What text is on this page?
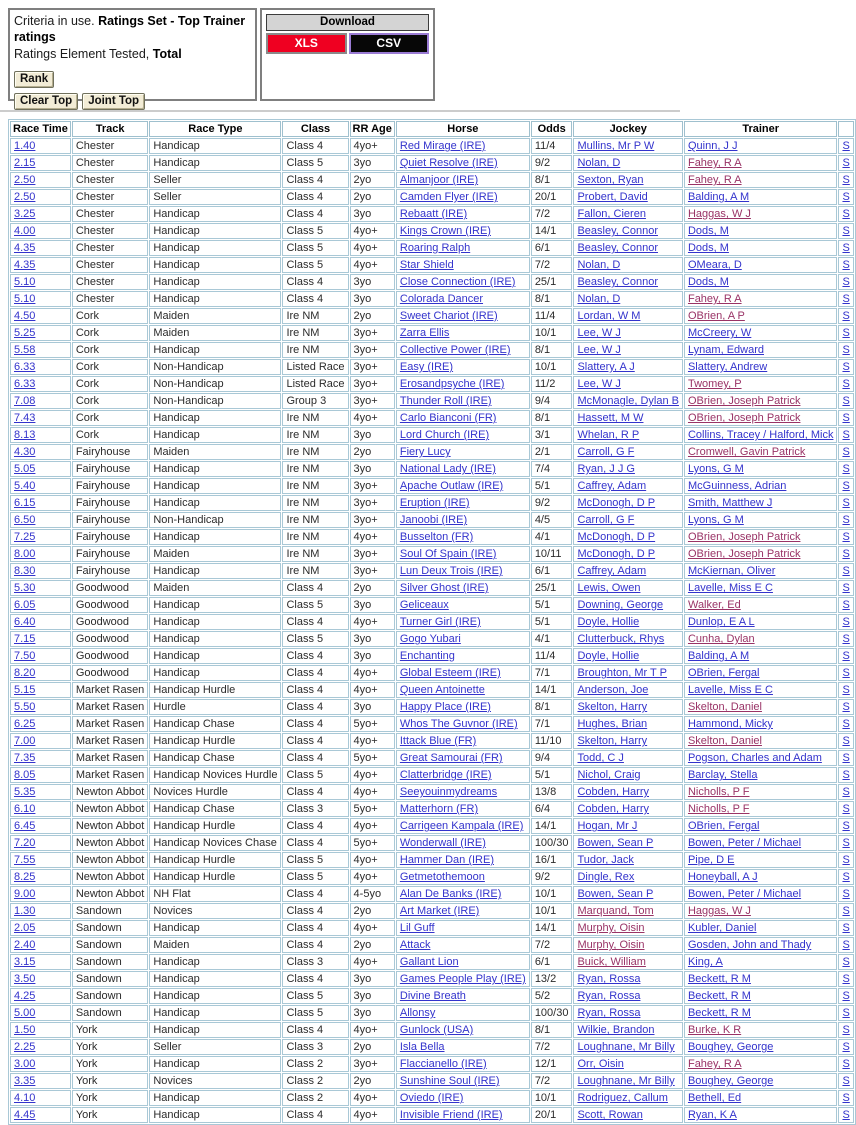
Criteria in use. Ratings Set - Top Trainer ratings
Ratings Element Tested, Total
Rank
Clear Top Joint Top
Download
XLS	CSV
Race Time	Track	Race Type	Class	RR Age	Horse	Odds	Jockey	Trainer	
1.40	Chester	Handicap	Class 4	4yo+	Red Mirage (IRE)	11/4	Mullins, Mr P W	Quinn, J J	S
2.15	Chester	Handicap	Class 5	3yo	Quiet Resolve (IRE)	9/2	Nolan, D	Fahey, R A	S
2.50	Chester	Seller	Class 4	2yo	Almanjoor (IRE)	8/1	Sexton, Ryan	Fahey, R A	S
2.50	Chester	Seller	Class 4	2yo	Camden Flyer (IRE)	20/1	Probert, David	Balding, A M	S
3.25	Chester	Handicap	Class 4	3yo	Rebaatt (IRE)	7/2	Fallon, Cieren	Haggas, W J	S
4.00	Chester	Handicap	Class 5	4yo+	Kings Crown (IRE)	14/1	Beasley, Connor	Dods, M	S
4.35	Chester	Handicap	Class 5	4yo+	Roaring Ralph	6/1	Beasley, Connor	Dods, M	S
4.35	Chester	Handicap	Class 5	4yo+	Star Shield	7/2	Nolan, D	OMeara, D	S
5.10	Chester	Handicap	Class 4	3yo	Close Connection (IRE)	25/1	Beasley, Connor	Dods, M	S
5.10	Chester	Handicap	Class 4	3yo	Colorada Dancer	8/1	Nolan, D	Fahey, R A	S
4.50	Cork	Maiden	Ire NM	2yo	Sweet Chariot (IRE)	11/4	Lordan, W M	OBrien, A P	S
5.25	Cork	Maiden	Ire NM	3yo+	Zarra Ellis	10/1	Lee, W J	McCreery, W	S
5.58	Cork	Handicap	Ire NM	3yo+	Collective Power (IRE)	8/1	Lee, W J	Lynam, Edward	S
6.33	Cork	Non-Handicap	Listed Race	3yo+	Easy (IRE)	10/1	Slattery, A J	Slattery, Andrew	S
6.33	Cork	Non-Handicap	Listed Race	3yo+	Erosandpsyche (IRE)	11/2	Lee, W J	Twomey, P	S
7.08	Cork	Non-Handicap	Group 3	3yo+	Thunder Roll (IRE)	9/4	McMonagle, Dylan B	OBrien, Joseph Patrick	S
7.43	Cork	Handicap	Ire NM	4yo+	Carlo Bianconi (FR)	8/1	Hassett, M W	OBrien, Joseph Patrick	S
8.13	Cork	Handicap	Ire NM	3yo	Lord Church (IRE)	3/1	Whelan, R P	Collins, Tracey / Halford, Mick	S
4.30	Fairyhouse	Maiden	Ire NM	2yo	Fiery Lucy	2/1	Carroll, G F	Cromwell, Gavin Patrick	S
5.05	Fairyhouse	Handicap	Ire NM	3yo	National Lady (IRE)	7/4	Ryan, J J G	Lyons, G M	S
5.40	Fairyhouse	Handicap	Ire NM	3yo+	Apache Outlaw (IRE)	5/1	Caffrey, Adam	McGuinness, Adrian	S
6.15	Fairyhouse	Handicap	Ire NM	3yo+	Eruption (IRE)	9/2	McDonogh, D P	Smith, Matthew J	S
6.50	Fairyhouse	Non-Handicap	Ire NM	3yo+	Janoobi (IRE)	4/5	Carroll, G F	Lyons, G M	S
7.25	Fairyhouse	Handicap	Ire NM	4yo+	Busselton (FR)	4/1	McDonogh, D P	OBrien, Joseph Patrick	S
8.00	Fairyhouse	Maiden	Ire NM	3yo+	Soul Of Spain (IRE)	10/11	McDonogh, D P	OBrien, Joseph Patrick	S
8.30	Fairyhouse	Handicap	Ire NM	3yo+	Lun Deux Trois (IRE)	6/1	Caffrey, Adam	McKiernan, Oliver	S
5.30	Goodwood	Maiden	Class 4	2yo	Silver Ghost (IRE)	25/1	Lewis, Owen	Lavelle, Miss E C	S
6.05	Goodwood	Handicap	Class 5	3yo	Geliceaux	5/1	Downing, George	Walker, Ed	S
6.40	Goodwood	Handicap	Class 4	4yo+	Turner Girl (IRE)	5/1	Doyle, Hollie	Dunlop, E A L	S
7.15	Goodwood	Handicap	Class 5	3yo	Gogo Yubari	4/1	Clutterbuck, Rhys	Cunha, Dylan	S
7.50	Goodwood	Handicap	Class 4	3yo	Enchanting	11/4	Doyle, Hollie	Balding, A M	S
8.20	Goodwood	Handicap	Class 4	4yo+	Global Esteem (IRE)	7/1	Broughton, Mr T P	OBrien, Fergal	S
5.15	Market Rasen	Handicap Hurdle	Class 4	4yo+	Queen Antoinette	14/1	Anderson, Joe	Lavelle, Miss E C	S
5.50	Market Rasen	Hurdle	Class 4	3yo	Happy Place (IRE)	8/1	Skelton, Harry	Skelton, Daniel	S
6.25	Market Rasen	Handicap Chase	Class 4	5yo+	Whos The Guvnor (IRE)	7/1	Hughes, Brian	Hammond, Micky	S
7.00	Market Rasen	Handicap Hurdle	Class 4	4yo+	Ittack Blue (FR)	11/10	Skelton, Harry	Skelton, Daniel	S
7.35	Market Rasen	Handicap Chase	Class 4	5yo+	Great Samourai (FR)	9/4	Todd, C J	Pogson, Charles and Adam	S
8.05	Market Rasen	Handicap Novices Hurdle	Class 5	4yo+	Clatterbridge (IRE)	5/1	Nichol, Craig	Barclay, Stella	S
5.35	Newton Abbot	Novices Hurdle	Class 4	4yo+	Seeyouinmydreams	13/8	Cobden, Harry	Nicholls, P F	S
6.10	Newton Abbot	Handicap Chase	Class 3	5yo+	Matterhorn (FR)	6/4	Cobden, Harry	Nicholls, P F	S
6.45	Newton Abbot	Handicap Hurdle	Class 4	4yo+	Carrigeen Kampala (IRE)	14/1	Hogan, Mr J	OBrien, Fergal	S
7.20	Newton Abbot	Handicap Novices Chase	Class 4	5yo+	Wonderwall (IRE)	100/30	Bowen, Sean P	Bowen, Peter / Michael	S
7.55	Newton Abbot	Handicap Hurdle	Class 5	4yo+	Hammer Dan (IRE)	16/1	Tudor, Jack	Pipe, D E	S
8.25	Newton Abbot	Handicap Hurdle	Class 5	4yo+	Getmetothemoon	9/2	Dingle, Rex	Honeyball, A J	S
9.00	Newton Abbot	NH Flat	Class 4	4-5yo	Alan De Banks (IRE)	10/1	Bowen, Sean P	Bowen, Peter / Michael	S
1.30	Sandown	Novices	Class 4	2yo	Art Market (IRE)	10/1	Marquand, Tom	Haggas, W J	S
2.05	Sandown	Handicap	Class 4	4yo+	Lil Guff	14/1	Murphy, Oisin	Kubler, Daniel	S
2.40	Sandown	Maiden	Class 4	2yo	Attack	7/2	Murphy, Oisin	Gosden, John and Thady	S
3.15	Sandown	Handicap	Class 3	4yo+	Gallant Lion	6/1	Buick, William	King, A	S
3.50	Sandown	Handicap	Class 4	3yo	Games People Play (IRE)	13/2	Ryan, Rossa	Beckett, R M	S
4.25	Sandown	Handicap	Class 5	3yo	Divine Breath	5/2	Ryan, Rossa	Beckett, R M	S
5.00	Sandown	Handicap	Class 5	3yo	Allonsy	100/30	Ryan, Rossa	Beckett, R M	S
1.50	York	Handicap	Class 4	4yo+	Gunlock (USA)	8/1	Wilkie, Brandon	Burke, K R	S
2.25	York	Seller	Class 3	2yo	Isla Bella	7/2	Loughnane, Mr Billy	Boughey, George	S
3.00	York	Handicap	Class 2	3yo+	Flaccianello (IRE)	12/1	Orr, Oisin	Fahey, R A	S
3.35	York	Novices	Class 2	2yo	Sunshine Soul (IRE)	7/2	Loughnane, Mr Billy	Boughey, George	S
4.10	York	Handicap	Class 2	4yo+	Oviedo (IRE)	10/1	Rodriguez, Callum	Bethell, Ed	S
4.45	York	Handicap	Class 4	4yo+	Invisible Friend (IRE)	20/1	Scott, Rowan	Ryan, K A	S
